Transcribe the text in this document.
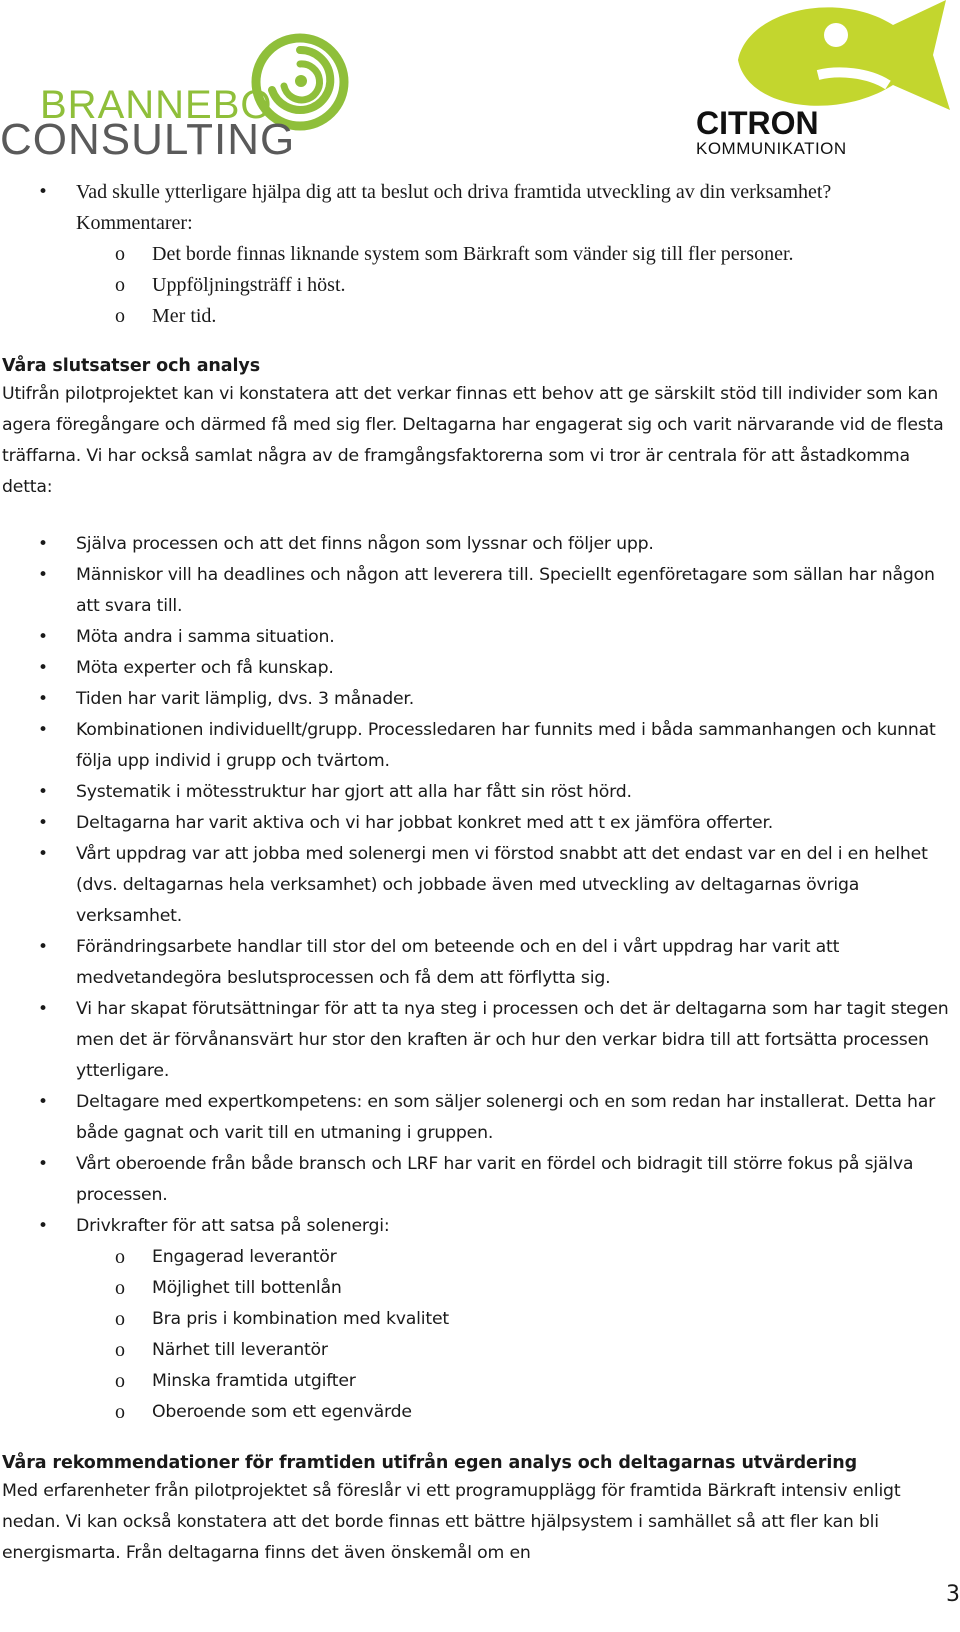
BRANNEBO
CONSULTING	CITRON
KOMMUNIKATION
• Vad skulle ytterligare hjälpa dig att ta beslut och driva framtida utveckling av din verksamhet? Kommentarer:
o Det borde finnas liknande system som Bärkraft som vänder sig till fler personer.
o Uppföljningsträff i höst.
o Mer tid.
Våra slutsatser och analys

Utifrån pilotprojektet kan vi konstatera att det verkar finnas ett behov att ge särskilt stöd till individer som kan agera föregångare och därmed få med sig fler. Deltagarna har engagerat sig och varit närvarande vid de flesta träffarna. Vi har också samlat några av de framgångsfaktorerna som vi tror är centrala för att åstadkomma detta:

• Själva processen och att det finns någon som lyssnar och följer upp.
• Människor vill ha deadlines och någon att leverera till. Speciellt egenföretagare som sällan har någon att svara till.
• Möta andra i samma situation.
• Möta experter och få kunskap.
• Tiden har varit lämplig, dvs. 3 månader.
• Kombinationen individuellt/grupp. Processledaren har funnits med i båda sammanhangen och kunnat följa upp individ i grupp och tvärtom.
• Systematik i mötesstruktur har gjort att alla har fått sin röst hörd.
• Deltagarna har varit aktiva och vi har jobbat konkret med att t ex jämföra offerter.
• Vårt uppdrag var att jobba med solenergi men vi förstod snabbt att det endast var en del i en helhet (dvs. deltagarnas hela verksamhet) och jobbade även med utveckling av deltagarnas övriga verksamhet.
• Förändringsarbete handlar till stor del om beteende och en del i vårt uppdrag har varit att medvetandegöra beslutsprocessen och få dem att förflytta sig.
• Vi har skapat förutsättningar för att ta nya steg i processen och det är deltagarna som har tagit stegen men det är förvånansvärt hur stor den kraften är och hur den verkar bidra till att fortsätta processen ytterligare.
• Deltagare med expertkompetens: en som säljer solenergi och en som redan har installerat. Detta har både gagnat och varit till en utmaning i gruppen.
• Vårt oberoende från både bransch och LRF har varit en fördel och bidragit till större fokus på själva processen.
• Drivkrafter för att satsa på solenergi:
o Engagerad leverantör
o Möjlighet till bottenlån
o Bra pris i kombination med kvalitet
o Närhet till leverantör
o Minska framtida utgifter
o Oberoende som ett egenvärde
Våra rekommendationer för framtiden utifrån egen analys och deltagarnas utvärdering

Med erfarenheter från pilotprojektet så föreslår vi ett programupplägg för framtida Bärkraft intensiv enligt nedan. Vi kan också konstatera att det borde finnas ett bättre hjälpsystem i samhället så att fler kan bli energismarta. Från deltagarna finns det även önskemål om en

3
